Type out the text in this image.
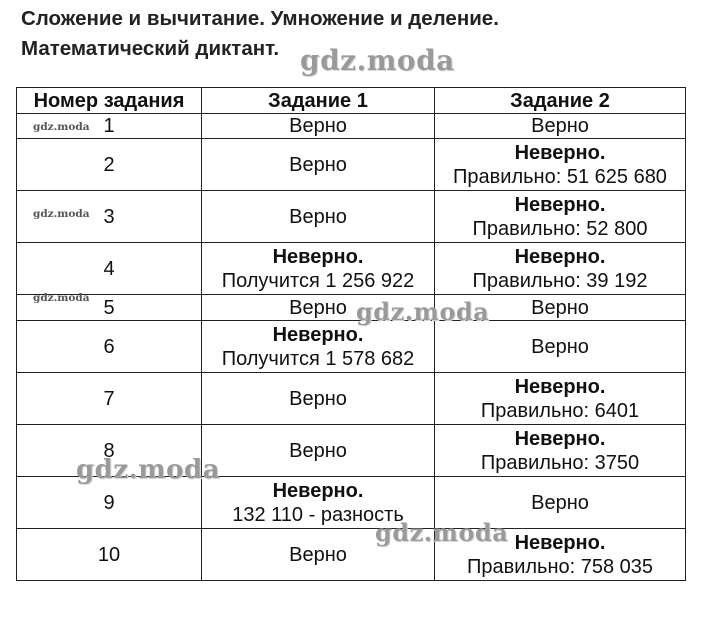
Сложение и вычитание. Умножение и деление.
Математический диктант.
Номер задания	Задание 1	Задание 2
1	Верно	Верно

2	Верно	Неверно.
Правильно: 51 625 680

3	Верно	Неверно.
Правильно: 52 800

4	Неверно.
Получится 1 256 922	Неверно.
Правильно: 39 192

5	Верно	Верно

6	Неверно.
Получится 1 578 682	Верно

7	Верно	Неверно.
Правильно: 6401

8	Верно	Неверно.
Правильно: 3750

9	Неверно.
132 110 - разность	Верно

10	Верно	Неверно.
Правильно: 758 035
gdz.moda
gdz.moda
gdz.moda
gdz.moda
gdz.moda
gdz.moda
gdz.moda
